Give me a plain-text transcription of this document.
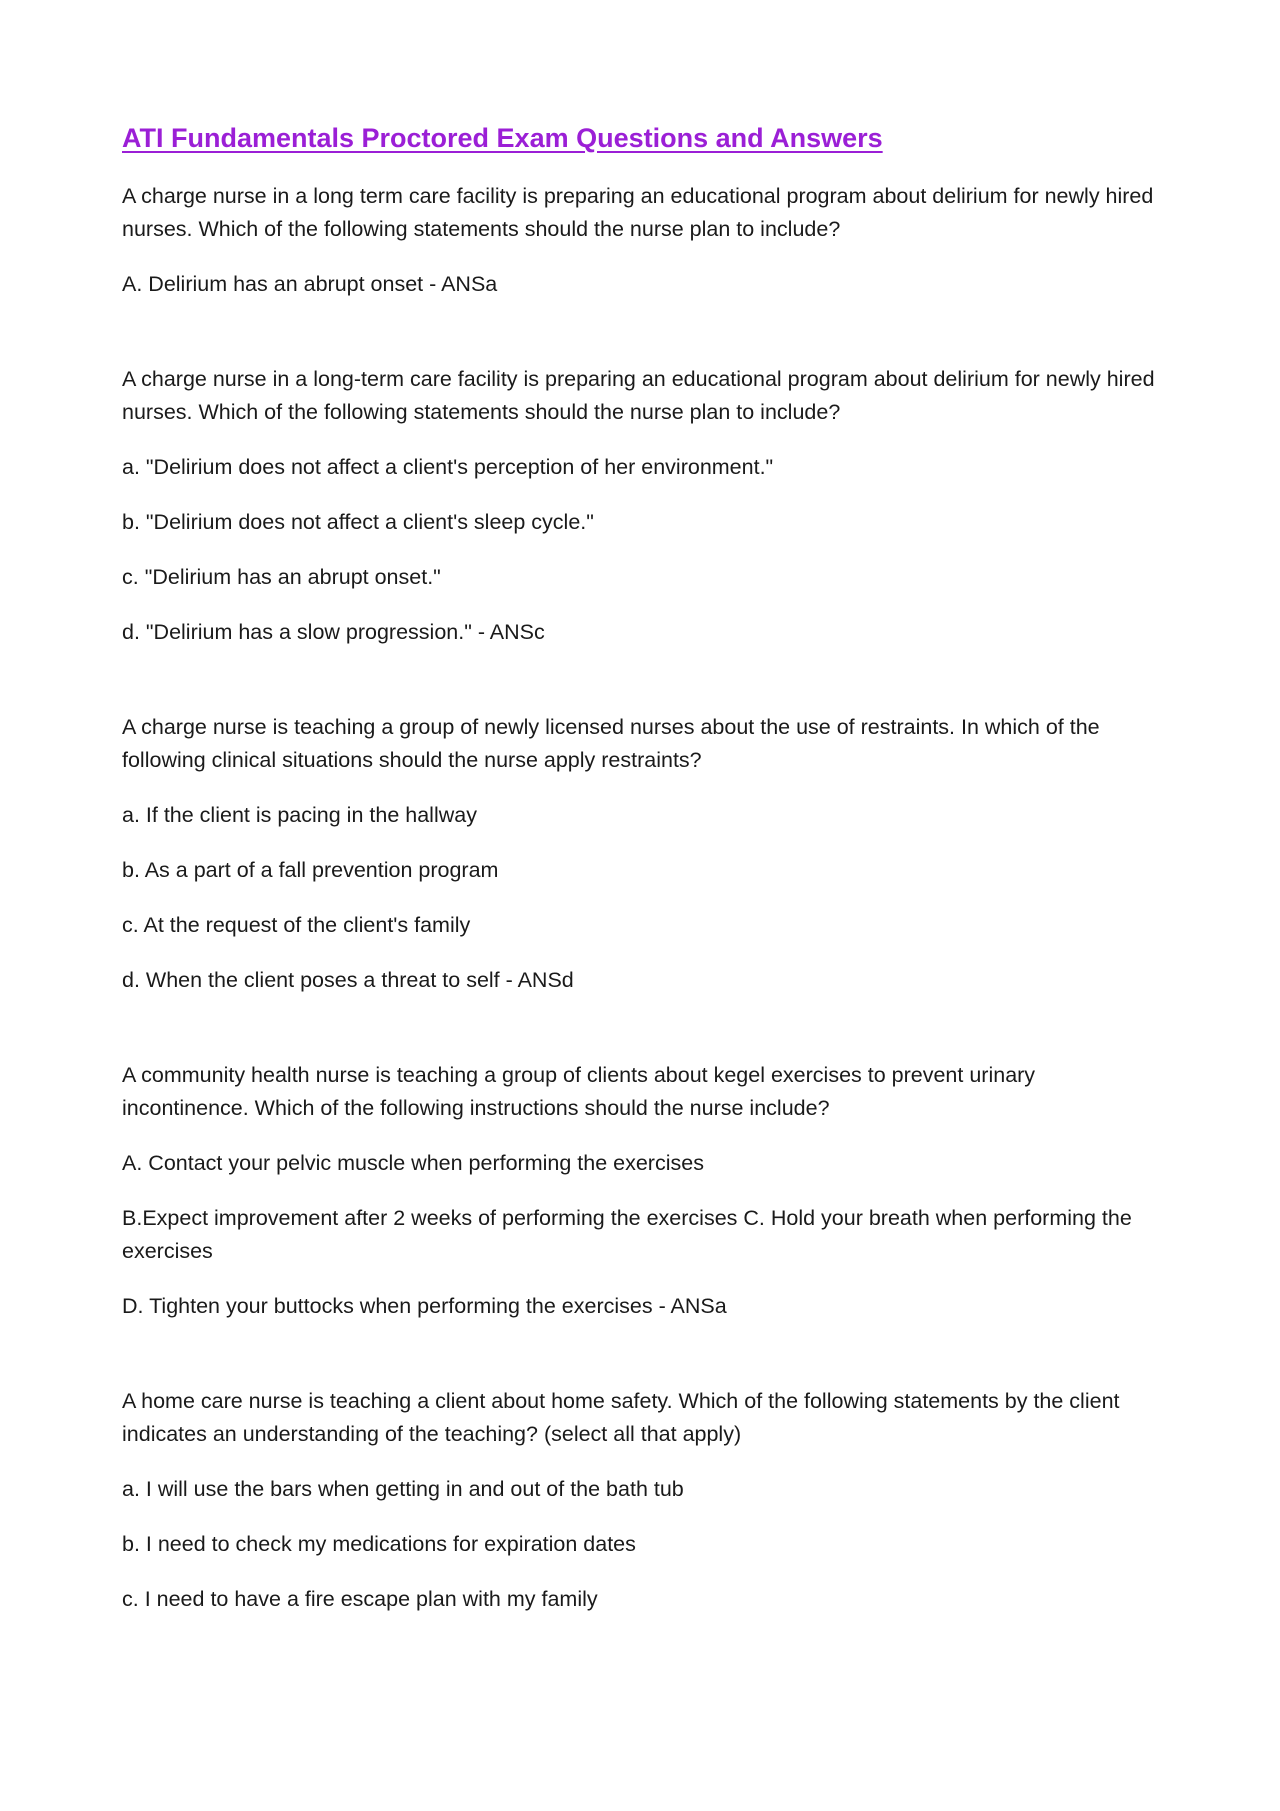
ATI Fundamentals Proctored Exam Questions and Answers

A charge nurse in a long term care facility is preparing an educational program about delirium for newly hired nurses. Which of the following statements should the nurse plan to include?

A. Delirium has an abrupt onset - ANSa

A charge nurse in a long-term care facility is preparing an educational program about delirium for newly hired nurses. Which of the following statements should the nurse plan to include?

a. "Delirium does not affect a client's perception of her environment."

b. "Delirium does not affect a client's sleep cycle."

c. "Delirium has an abrupt onset."

d. "Delirium has a slow progression." - ANSc

A charge nurse is teaching a group of newly licensed nurses about the use of restraints. In which of the following clinical situations should the nurse apply restraints?

a. If the client is pacing in the hallway

b. As a part of a fall prevention program

c. At the request of the client's family

d. When the client poses a threat to self - ANSd

A community health nurse is teaching a group of clients about kegel exercises to prevent urinary incontinence. Which of the following instructions should the nurse include?

A. Contact your pelvic muscle when performing the exercises

B.Expect improvement after 2 weeks of performing the exercises C. Hold your breath when performing the exercises

D. Tighten your buttocks when performing the exercises - ANSa

A home care nurse is teaching a client about home safety. Which of the following statements by the client indicates an understanding of the teaching? (select all that apply)

a. I will use the bars when getting in and out of the bath tub

b. I need to check my medications for expiration dates

c. I need to have a fire escape plan with my family
